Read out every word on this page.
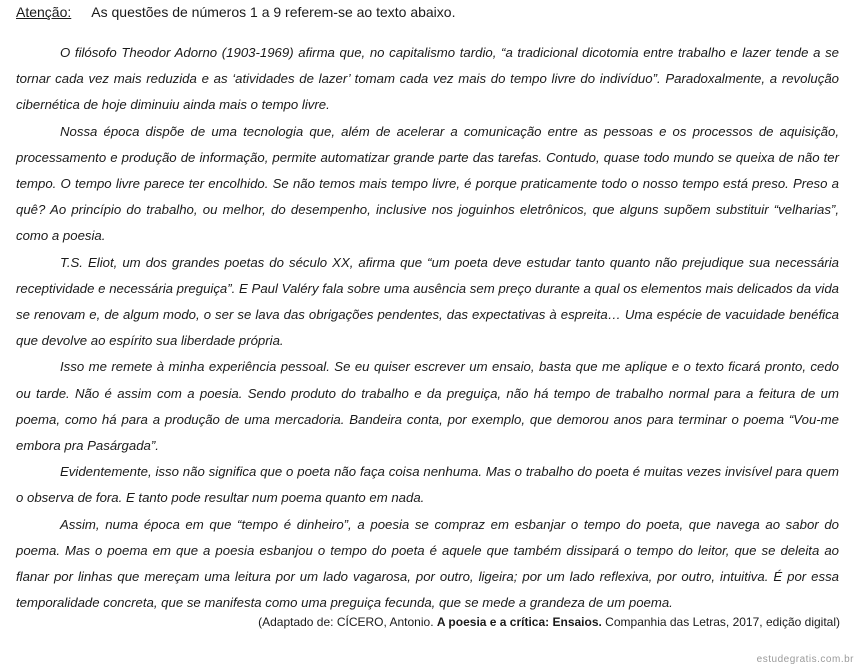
Atenção: As questões de números 1 a 9 referem-se ao texto abaixo.

O filósofo Theodor Adorno (1903-1969) afirma que, no capitalismo tardio, “a tradicional dicotomia entre trabalho e lazer tende a se tornar cada vez mais reduzida e as ‘atividades de lazer’ tomam cada vez mais do tempo livre do indivíduo”. Paradoxalmente, a revolução cibernética de hoje diminuiu ainda mais o tempo livre.

Nossa época dispõe de uma tecnologia que, além de acelerar a comunicação entre as pessoas e os processos de aquisição, processamento e produção de informação, permite automatizar grande parte das tarefas. Contudo, quase todo mundo se queixa de não ter tempo. O tempo livre parece ter encolhido. Se não temos mais tempo livre, é porque praticamente todo o nosso tempo está preso. Preso a quê? Ao princípio do trabalho, ou melhor, do desempenho, inclusive nos joguinhos eletrônicos, que alguns supõem substituir “velharias”, como a poesia.

T.S. Eliot, um dos grandes poetas do século XX, afirma que “um poeta deve estudar tanto quanto não prejudique sua necessária receptividade e necessária preguiça”. E Paul Valéry fala sobre uma ausência sem preço durante a qual os elementos mais delicados da vida se renovam e, de algum modo, o ser se lava das obrigações pendentes, das expectativas à espreita… Uma espécie de vacuidade benéfica que devolve ao espírito sua liberdade própria.

Isso me remete à minha experiência pessoal. Se eu quiser escrever um ensaio, basta que me aplique e o texto ficará pronto, cedo ou tarde. Não é assim com a poesia. Sendo produto do trabalho e da preguiça, não há tempo de trabalho normal para a feitura de um poema, como há para a produção de uma mercadoria. Bandeira conta, por exemplo, que demorou anos para terminar o poema “Vou-me embora pra Pasárgada”.

Evidentemente, isso não significa que o poeta não faça coisa nenhuma. Mas o trabalho do poeta é muitas vezes invisível para quem o observa de fora. E tanto pode resultar num poema quanto em nada.

Assim, numa época em que “tempo é dinheiro”, a poesia se compraz em esbanjar o tempo do poeta, que navega ao sabor do poema. Mas o poema em que a poesia esbanjou o tempo do poeta é aquele que também dissipará o tempo do leitor, que se deleita ao flanar por linhas que mereçam uma leitura por um lado vagarosa, por outro, ligeira; por um lado reflexiva, por outro, intuitiva. É por essa temporalidade concreta, que se manifesta como uma preguiça fecunda, que se mede a grandeza de um poema.

(Adaptado de: CÍCERO, Antonio. A poesia e a crítica: Ensaios. Companhia das Letras, 2017, edição digital)
estudegratis.com.br
